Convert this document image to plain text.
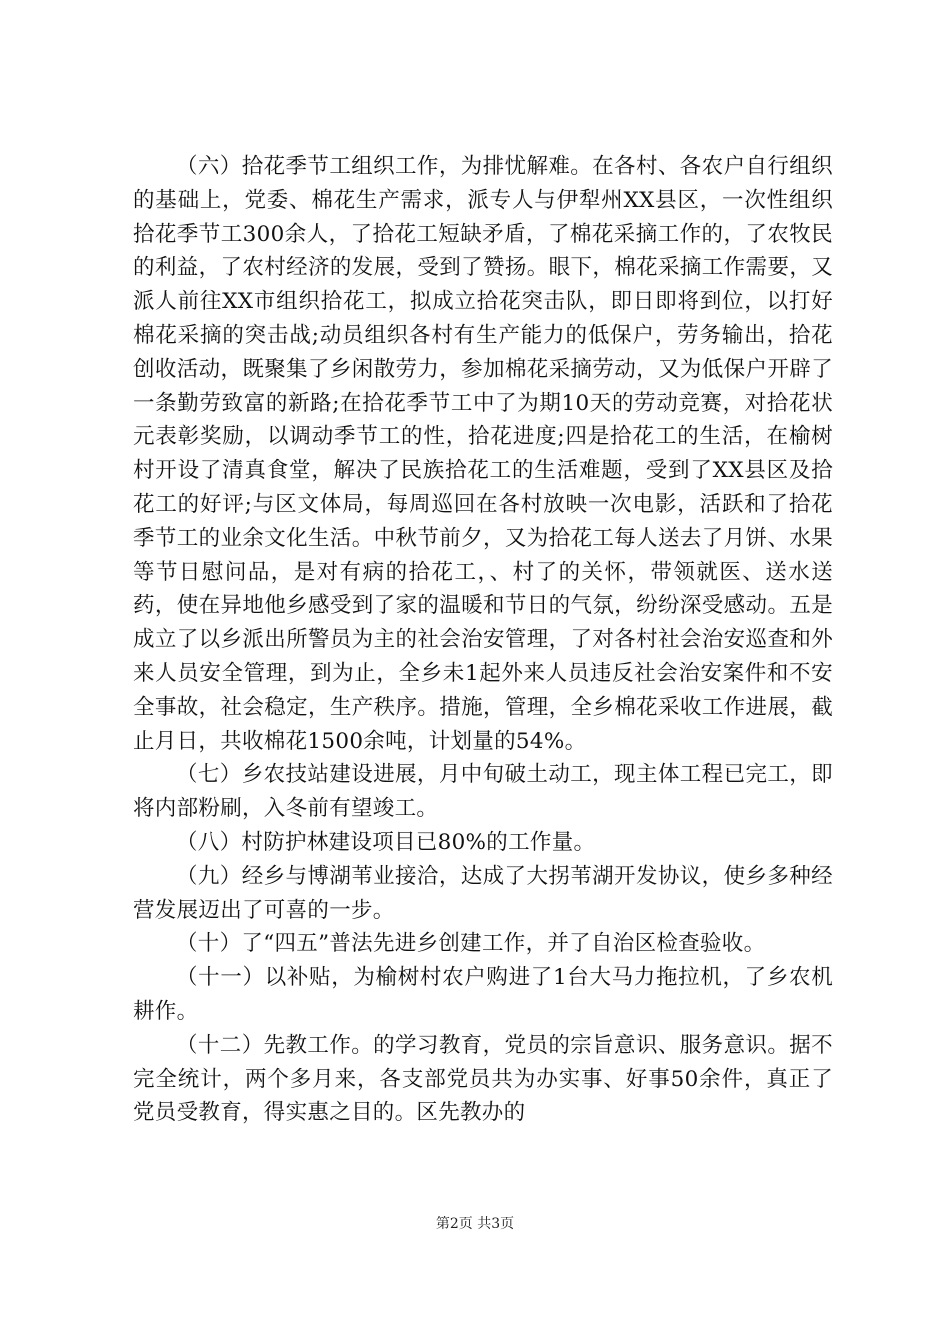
（六）拾花季节工组织工作，为排忧解难。在各村、各农户自行组织的基础上，党委、棉花生产需求，派专人与伊犁州XX县区，一次性组织拾花季节工300余人，了拾花工短缺矛盾，了棉花采摘工作的，了农牧民的利益，了农村经济的发展，受到了赞扬。眼下，棉花采摘工作需要，又派人前往XX市组织拾花工，拟成立拾花突击队，即日即将到位，以打好棉花采摘的突击战;动员组织各村有生产能力的低保户，劳务输出，拾花创收活动，既聚集了乡闲散劳力，参加棉花采摘劳动，又为低保户开辟了一条勤劳致富的新路;在拾花季节工中了为期10天的劳动竞赛，对拾花状元表彰奖励，以调动季节工的性，拾花进度;四是拾花工的生活，在榆树村开设了清真食堂，解决了民族拾花工的生活难题，受到了XX县区及拾花工的好评;与区文体局，每周巡回在各村放映一次电影，活跃和了拾花季节工的业余文化生活。中秋节前夕，又为拾花工每人送去了月饼、水果等节日慰问品，是对有病的拾花工，、村了的关怀，带领就医、送水送药，使在异地他乡感受到了家的温暖和节日的气氛，纷纷深受感动。五是成立了以乡派出所警员为主的社会治安管理，了对各村社会治安巡查和外来人员安全管理，到为止，全乡未1起外来人员违反社会治安案件和不安全事故，社会稳定，生产秩序。措施，管理，全乡棉花采收工作进展，截止月日，共收棉花1500余吨，计划量的54%。

（七）乡农技站建设进展，月中旬破土动工，现主体工程已完工，即将内部粉刷，入冬前有望竣工。

（八）村防护林建设项目已80%的工作量。

（九）经乡与博湖苇业接洽，达成了大拐苇湖开发协议，使乡多种经营发展迈出了可喜的一步。

（十）了“四五”普法先进乡创建工作，并了自治区检查验收。

（十一）以补贴，为榆树村农户购进了1台大马力拖拉机，了乡农机耕作。

（十二）先教工作。的学习教育，党员的宗旨意识、服务意识。据不完全统计，两个多月来，各支部党员共为办实事、好事50余件，真正了党员受教育，得实惠之目的。区先教办的

第2页 共3页
